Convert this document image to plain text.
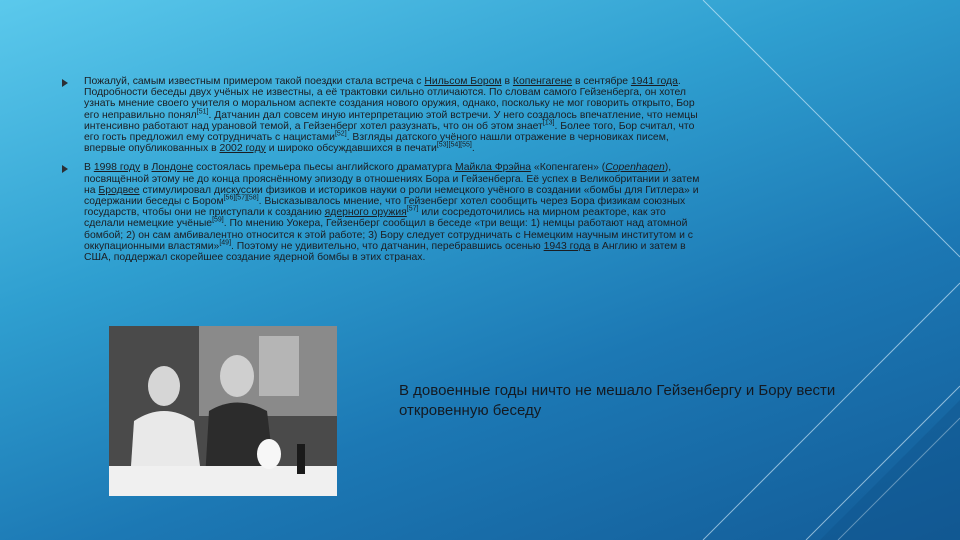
Пожалуй, самым известным примером такой поездки стала встреча с Нильсом Бором в Копенгагене в сентябре 1941 года. Подробности беседы двух учёных не известны, а её трактовки сильно отличаются. По словам самого Гейзенберга, он хотел узнать мнение своего учителя о моральном аспекте создания нового оружия, однако, поскольку не мог говорить открыто, Бор его неправильно понял[51]. Датчанин дал совсем иную интерпретацию этой встречи. У него создалось впечатление, что немцы интенсивно работают над урановой темой, а Гейзенберг хотел разузнать, что он об этом знает[13]. Более того, Бор считал, что его гость предложил ему сотрудничать с нацистами[52]. Взгляды датского учёного нашли отражение в черновиках писем, впервые опубликованных в 2002 году и широко обсуждавшихся в печати[53][54][55].

В 1998 году в Лондоне состоялась премьера пьесы английского драматурга Майкла Фрэйна «Копенгаген» (Copenhagen), посвящённой этому не до конца прояснённому эпизоду в отношениях Бора и Гейзенберга. Её успех в Великобритании и затем на Бродвее стимулировал дискуссии физиков и историков науки о роли немецкого учёного в создании «бомбы для Гитлера» и содержании беседы с Бором[56][57][58]. Высказывалось мнение, что Гейзенберг хотел сообщить через Бора физикам союзных государств, чтобы они не приступали к созданию ядерного оружия[57] или сосредоточились на мирном реакторе, как это сделали немецкие учёные[59]. По мнению Уокера, Гейзенберг сообщил в беседе «три вещи: 1) немцы работают над атомной бомбой; 2) он сам амбивалентно относится к этой работе; 3) Бору следует сотрудничать с Немецким научным институтом и с оккупационными властями»[49]. Поэтому не удивительно, что датчанин, перебравшись осенью 1943 года в Англию и затем в США, поддержал скорейшее создание ядерной бомбы в этих странах.

В довоенные годы ничто не мешало Гейзенбергу и Бору вести откровенную беседу
